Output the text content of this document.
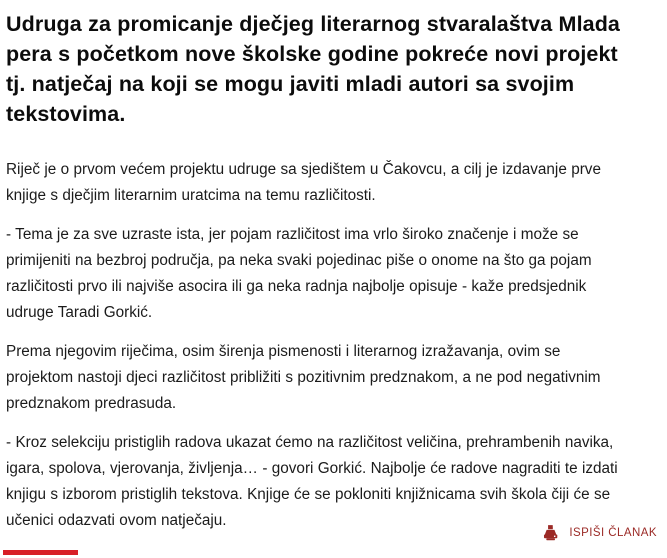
Udruga za promicanje dječjeg literarnog stvaralaštva Mlada pera s početkom nove školske godine pokreće novi projekt tj. natječaj na koji se mogu javiti mladi autori sa svojim tekstovima.

Riječ je o prvom većem projektu udruge sa sjedištem u Čakovcu, a cilj je izdavanje prve knjige s dječjim literarnim uratcima na temu različitosti.

- Tema je za sve uzraste ista, jer pojam različitost ima vrlo široko značenje i može se primijeniti na bezbroj područja, pa neka svaki pojedinac piše o onome na što ga pojam različitosti prvo ili najviše asocira ili ga neka radnja najbolje opisuje - kaže predsjednik udruge Taradi Gorkić.

Prema njegovim riječima, osim širenja pismenosti i literarnog izražavanja, ovim se projektom nastoji djeci različitost približiti s pozitivnim predznakom, a ne pod negativnim predznakom predrasuda.

- Kroz selekciju pristiglih radova ukazat ćemo na različitost veličina, prehrambenih navika, igara, spolova, vjerovanja, življenja… - govori Gorkić. Najbolje će radove nagraditi te izdati knjigu s izborom pristiglih tekstova. Knjige će se pokloniti knjižnicama svih škola čiji će se učenici odazvati ovom natječaju.

ISPIŠI ČLANAK
